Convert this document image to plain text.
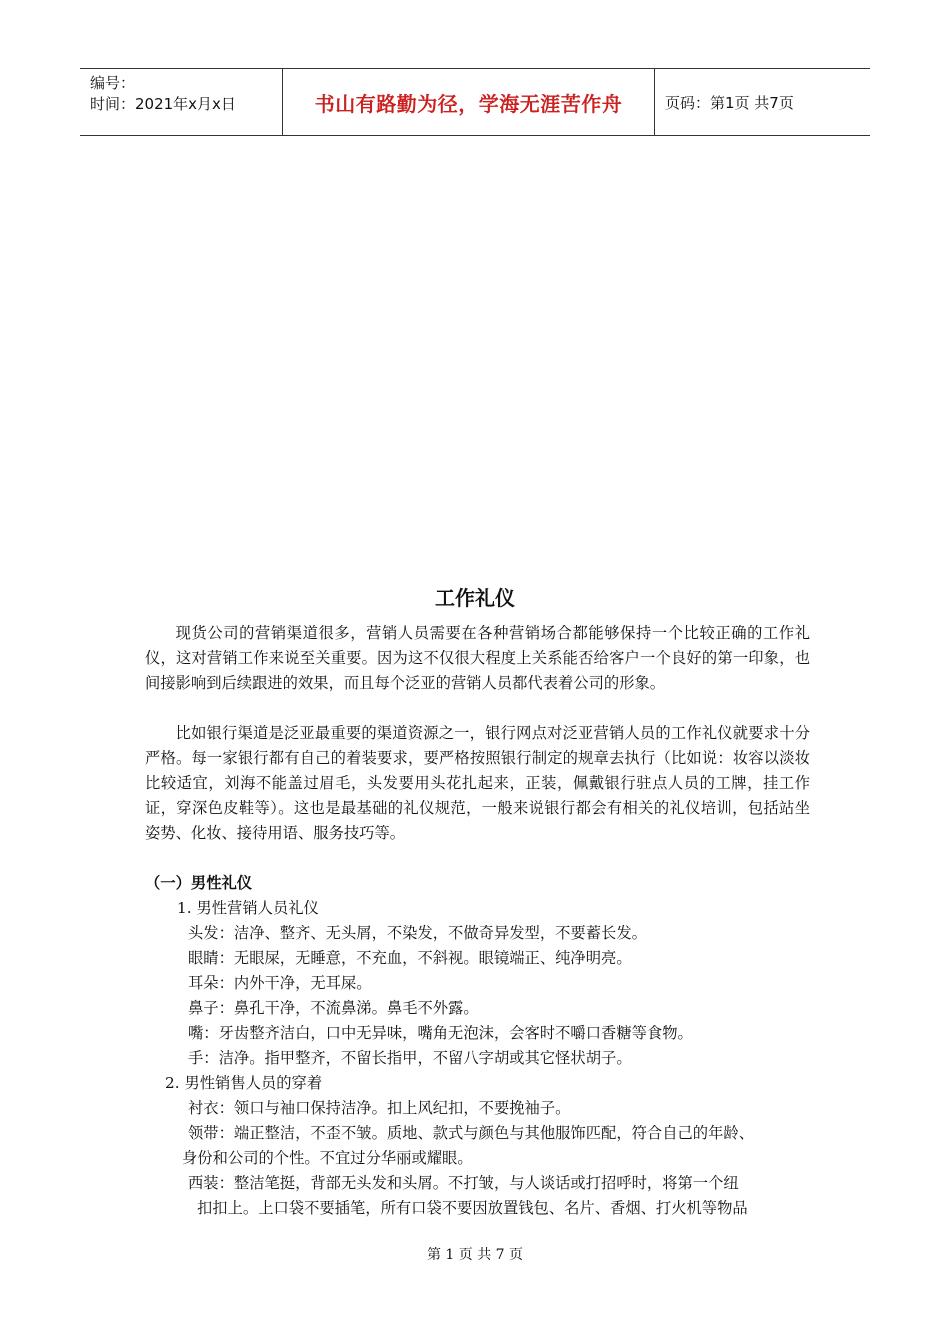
编号：
时间：2021年x月x日	书山有路勤为径，学海无涯苦作舟	页码：第1页 共7页
工作礼仪

现货公司的营销渠道很多，营销人员需要在各种营销场合都能够保持一个比较正确的工作礼仪，这对营销工作来说至关重要。因为这不仅很大程度上关系能否给客户一个良好的第一印象，也间接影响到后续跟进的效果，而且每个泛亚的营销人员都代表着公司的形象。

比如银行渠道是泛亚最重要的渠道资源之一，银行网点对泛亚营销人员的工作礼仪就要求十分严格。每一家银行都有自己的着装要求，要严格按照银行制定的规章去执行（比如说：妆容以淡妆比较适宜，刘海不能盖过眉毛，头发要用头花扎起来，正装，佩戴银行驻点人员的工牌，挂工作证，穿深色皮鞋等）。这也是最基础的礼仪规范，一般来说银行都会有相关的礼仪培训，包括站坐姿势、化妆、接待用语、服务技巧等。

（一）男性礼仪
1. 男性营销人员礼仪
头发：洁净、整齐、无头屑，不染发，不做奇异发型，不要蓄长发。
眼睛：无眼屎，无睡意，不充血，不斜视。眼镜端正、纯净明亮。
耳朵：内外干净，无耳屎。
鼻子：鼻孔干净，不流鼻涕。鼻毛不外露。
嘴：牙齿整齐洁白，口中无异味，嘴角无泡沫，会客时不嚼口香糖等食物。
手：洁净。指甲整齐，不留长指甲，不留八字胡或其它怪状胡子。
2. 男性销售人员的穿着
衬衣：领口与袖口保持洁净。扣上风纪扣，不要挽袖子。
领带：端正整洁，不歪不皱。质地、款式与颜色与其他服饰匹配，符合自己的年龄、
身份和公司的个性。不宜过分华丽或耀眼。
西装：整洁笔挺，背部无头发和头屑。不打皱，与人谈话或打招呼时，将第一个纽
扣扣上。上口袋不要插笔，所有口袋不要因放置钱包、名片、香烟、打火机等物品
第 1 页 共 7 页
